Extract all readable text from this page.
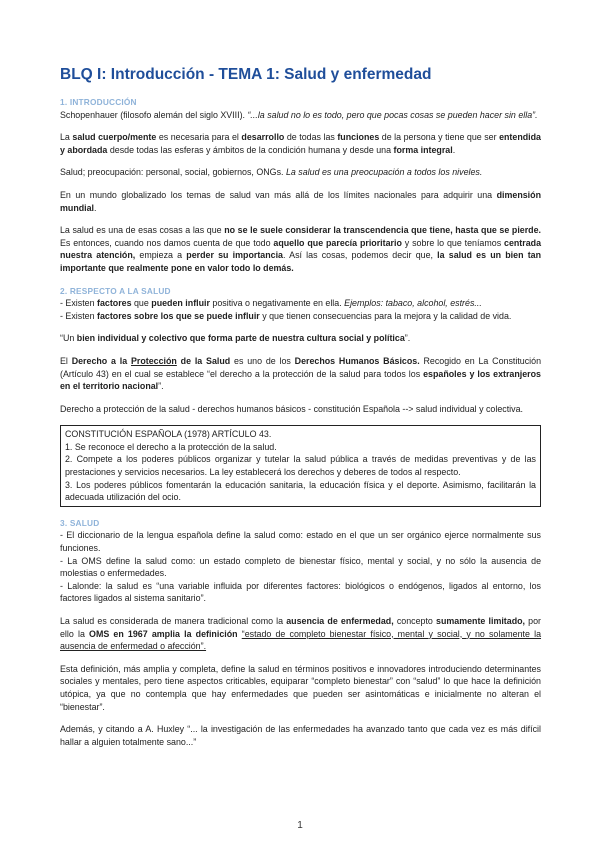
BLQ I: Introducción - TEMA 1: Salud y enfermedad
1. INTRODUCCIÓN

Schopenhauer (filosofo alemán del siglo XVIII). “...la salud no lo es todo, pero que pocas cosas se pueden hacer sin ella”.

La salud cuerpo/mente es necesaria para el desarrollo de todas las funciones de la persona y tiene que ser entendida y abordada desde todas las esferas y ámbitos de la condición humana y desde una forma integral.

Salud; preocupación: personal, social, gobiernos, ONGs. La salud es una preocupación a todos los niveles.

En un mundo globalizado los temas de salud van más allá de los límites nacionales para adquirir una dimensión mundial.

La salud es una de esas cosas a las que no se le suele considerar la transcendencia que tiene, hasta que se pierde. Es entonces, cuando nos damos cuenta de que todo aquello que parecía prioritario y sobre lo que teníamos centrada nuestra atención, empieza a perder su importancia. Así las cosas, podemos decir que, la salud es un bien tan importante que realmente pone en valor todo lo demás.

2. RESPECTO A LA SALUD

- Existen factores que pueden influir positiva o negativamente en ella. Ejemplos: tabaco, alcohol, estrés...

- Existen factores sobre los que se puede influir y que tienen consecuencias para la mejora y la calidad de vida.

“Un bien individual y colectivo que forma parte de nuestra cultura social y política”.

El Derecho a la Protección de la Salud es uno de los Derechos Humanos Básicos. Recogido en La Constitución (Artículo 43) en el cual se establece “el derecho a la protección de la salud para todos los españoles y los extranjeros en el territorio nacional”.

Derecho a protección de la salud - derechos humanos básicos - constitución Española --> salud individual y colectiva.

CONSTITUCIÓN ESPAÑOLA (1978) ARTÍCULO 43.

1. Se reconoce el derecho a la protección de la salud.

2. Compete a los poderes públicos organizar y tutelar la salud pública a través de medidas preventivas y de las prestaciones y servicios necesarios. La ley establecerá los derechos y deberes de todos al respecto.

3. Los poderes públicos fomentarán la educación sanitaria, la educación física y el deporte. Asimismo, facilitarán la adecuada utilización del ocio.

3. SALUD

- El diccionario de la lengua española define la salud como: estado en el que un ser orgánico ejerce normalmente sus funciones.

- La OMS define la salud como: un estado completo de bienestar físico, mental y social, y no sólo la ausencia de molestias o enfermedades.

- Lalonde: la salud es “una variable influida por diferentes factores: biológicos o endógenos, ligados al entorno, los factores ligados al sistema sanitario”.

La salud es considerada de manera tradicional como la ausencia de enfermedad, concepto sumamente limitado, por ello la OMS en 1967 amplia la definición “estado de completo bienestar físico, mental y social, y no solamente la ausencia de enfermedad o afección”.

Esta definición, más amplia y completa, define la salud en términos positivos e innovadores introduciendo determinantes sociales y mentales, pero tiene aspectos criticables, equiparar “completo bienestar” con “salud” lo que hace la definición utópica, ya que no contempla que hay enfermedades que pueden ser asintomáticas e inicialmente no alteran el “bienestar”.

Además, y citando a A. Huxley “... la investigación de las enfermedades ha avanzado tanto que cada vez es más difícil hallar a alguien totalmente sano...”

1
